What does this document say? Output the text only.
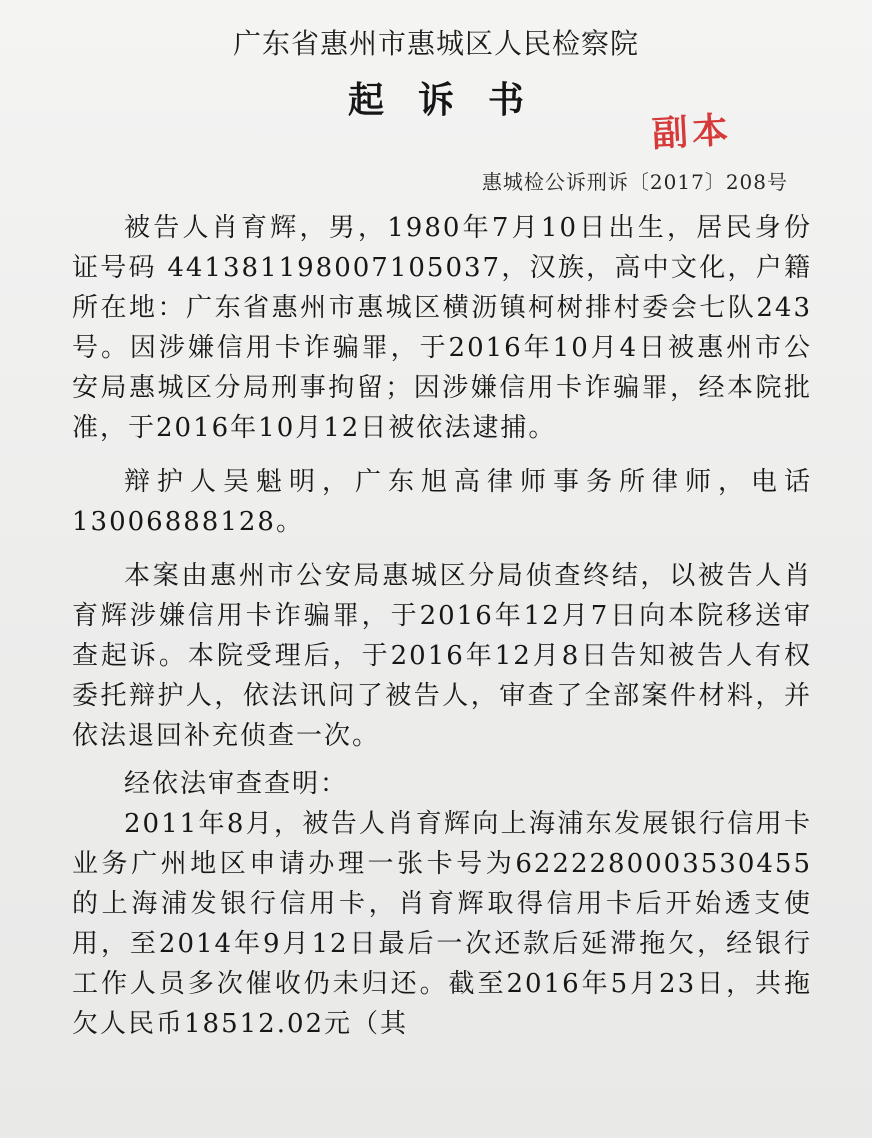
广东省惠州市惠城区人民检察院
起诉书
副本
惠城检公诉刑诉〔2017〕208号

被告人肖育辉，男，1980年7月10日出生，居民身份证号码 441381198007105037，汉族，高中文化，户籍所在地：广东省惠州市惠城区横沥镇柯树排村委会七队243号。因涉嫌信用卡诈骗罪，于2016年10月4日被惠州市公安局惠城区分局刑事拘留；因涉嫌信用卡诈骗罪，经本院批准，于2016年10月12日被依法逮捕。

辩护人吴魁明，广东旭高律师事务所律师，电话13006888128。

本案由惠州市公安局惠城区分局侦查终结，以被告人肖育辉涉嫌信用卡诈骗罪，于2016年12月7日向本院移送审查起诉。本院受理后，于2016年12月8日告知被告人有权委托辩护人，依法讯问了被告人，审查了全部案件材料，并依法退回补充侦查一次。

经依法审查查明：

2011年8月，被告人肖育辉向上海浦东发展银行信用卡业务广州地区申请办理一张卡号为6222280003530455的上海浦发银行信用卡，肖育辉取得信用卡后开始透支使用，至2014年9月12日最后一次还款后延滞拖欠，经银行工作人员多次催收仍未归还。截至2016年5月23日，共拖欠人民币18512.02元（其
